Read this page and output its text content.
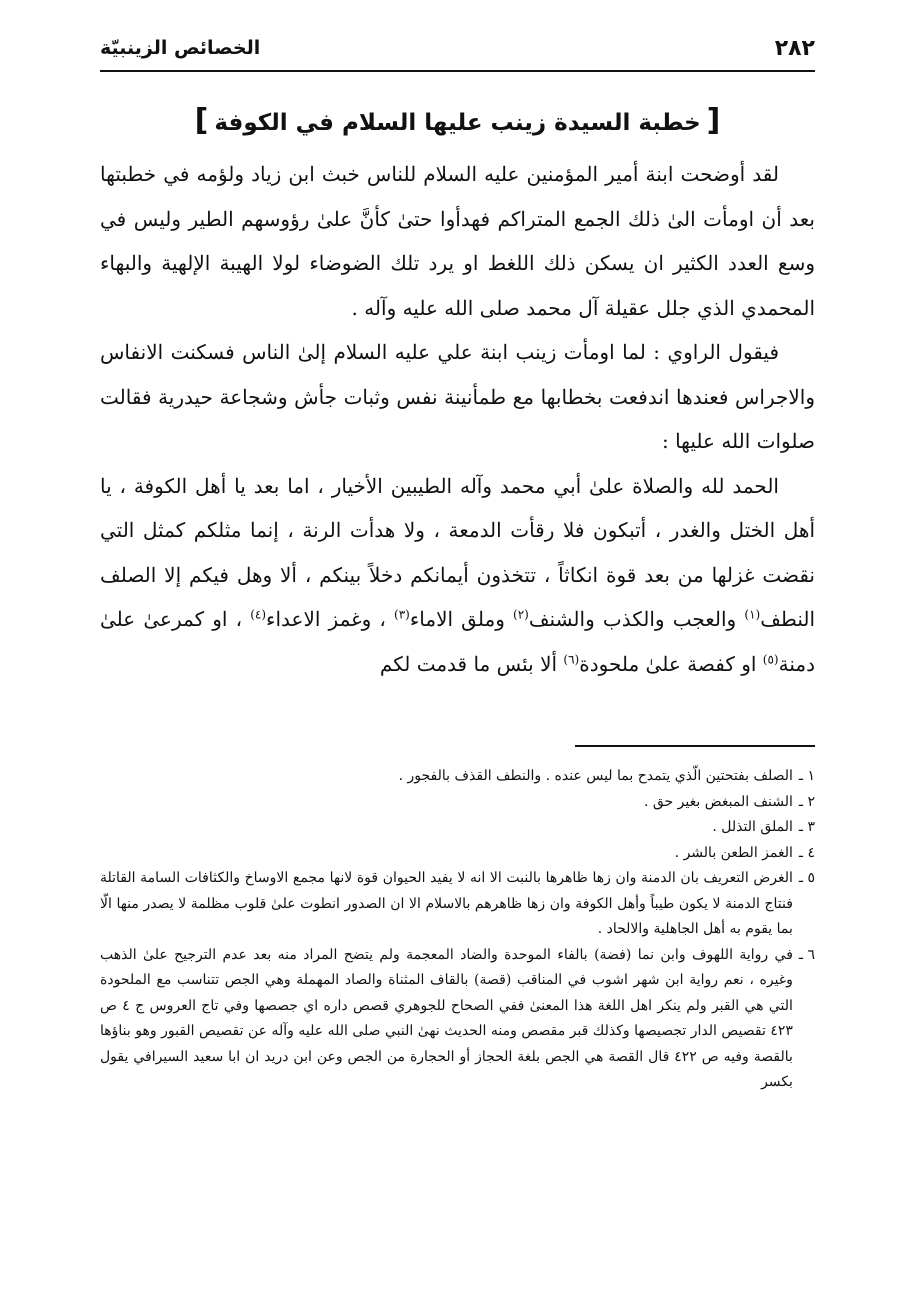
٢٨٢
الخصائص الزينبيّة
[خطبة السيدة زينب عليها السلام في الكوفة]

لقد أوضحت ابنة أمير المؤمنين عليه السلام للناس خبث ابن زياد ولؤمه في خطبتها بعد أن اومأت الىٰ ذلك الجمع المتراكم فهدأوا حتىٰ كأنَّ علىٰ رؤوسهم الطير وليس في وسع العدد الكثير ان يسكن ذلك اللغط او يرد تلك الضوضاء لولا الهيبة الإلهية والبهاء المحمدي الذي جلل عقيلة آل محمد صلى الله عليه وآله .

فيقول الراوي : لما اومأت زينب ابنة علي عليه السلام إلىٰ الناس فسكنت الانفاس والاجراس فعندها اندفعت بخطابها مع طمأنينة نفس وثبات جأش وشجاعة حيدرية فقالت صلوات الله عليها :

الحمد لله والصلاة علىٰ أبي محمد وآله الطيبين الأخيار ، اما بعد يا أهل الكوفة ، يا أهل الختل والغدر ، أتبكون فلا رقأت الدمعة ، ولا هدأت الرنة ، إنما مثلكم كمثل التي نقضت غزلها من بعد قوة انكاثاً ، تتخذون أيمانكم دخلاً بينكم ، ألا وهل فيكم إلا الصلف النطف$^{(١)}$ والعجب والكذب والشنف$^{(٢)}$ وملق الاماء$^{(٣)}$ ، وغمز الاعداء$^{(٤)}$ ، او كمرعىٰ علىٰ دمنة$^{(٥)}$ او كفصة علىٰ ملحودة$^{(٦)}$ ألا بئس ما قدمت لكم

١ ـ
الصلف بفتحتين الّذي يتمدح بما ليس عنده . والنطف القذف بالفجور .
٢ ـ
الشنف المبغض بغير حق .
٣ ـ
الملق التذلل .
٤ ـ
الغمز الطعن بالشر .
٥ ـ
الغرض التعريف بان الدمنة وان زها ظاهرها بالنبت الا انه لا يفيد الحيوان قوة لانها مجمع الاوساخ والكثافات السامة القاتلة فنتاج الدمنة لا يكون طيباً وأهل الكوفة وان زها ظاهرهم بالاسلام الا ان الصدور انطوت علىٰ قلوب مظلمة لا يصدر منها الّا بما يقوم به أهل الجاهلية والالحاد .
٦ ـ
في رواية اللهوف وابن نما (فضة) بالفاء الموحدة والضاد المعجمة ولم يتضح المراد منه بعد عدم الترجيح علىٰ الذهب وغيره ، نعم رواية ابن شهر اشوب في المناقب (قصة) بالقاف المثناة والصاد المهملة وهي الجص تتناسب مع الملحودة التي هي القبر ولم ينكر اهل اللغة هذا المعنىٰ ففي الصحاح للجوهري قصص داره اي جصصها وفي تاج العروس ج ٤ ص ٤٢٣ تقصيص الدار تجصيصها وكذلك قبر مقصص ومنه الحديث نهىٰ النبي صلى الله عليه وآله عن تقصيص القبور وهو بناؤها بالقصة وفيه ص ٤٢٢ قال القصة هي الجص بلغة الحجاز أو الحجارة من الجص وعن ابن دريد ان ابا سعيد السيرافي يقول بكسر
